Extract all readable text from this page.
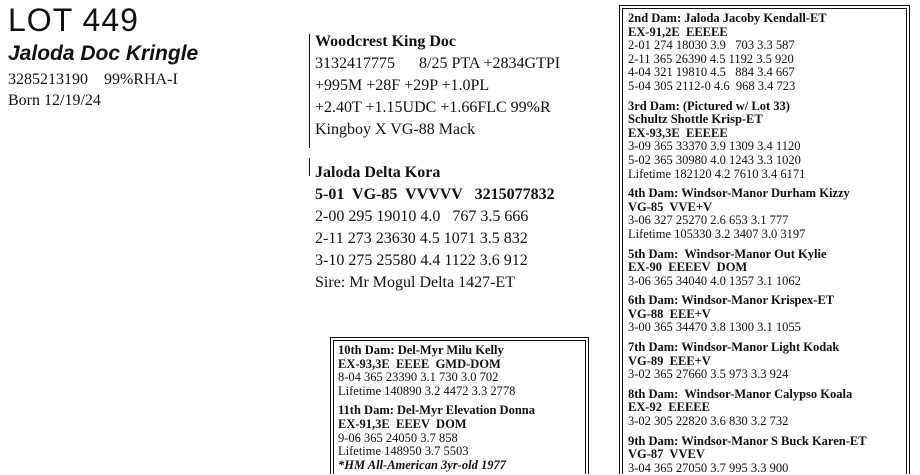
LOT 449
Jaloda Doc Kringle
3285213190    99%RHA-I
Born 12/19/24
Woodcrest King Doc
3132417775      8/25 PTA +2834GTPI
+995M +28F +29P +1.0PL
+2.40T +1.15UDC +1.66FLC 99%R
Kingboy X VG-88 Mack
Jaloda Delta Kora
5-01  VG-85  VVVVV   3215077832
2-00 295 19010 4.0   767 3.5 666
2-11 273 23630 4.5 1071 3.5 832
3-10 275 25580 4.4 1122 3.6 912
Sire: Mr Mogul Delta 1427-ET
10th Dam: Del-Myr Milu Kelly
EX-93,3E  EEEE  GMD-DOM
8-04 365 23390 3.1 730 3.0 702
Lifetime 140890 3.2 4472 3.3 2778
11th Dam: Del-Myr Elevation Donna
EX-91,3E  EEEV  DOM
9-06 365 24050 3.7 858
Lifetime 148950 3.7 5503
*HM All-American 3yr-old 1977
2nd Dam: Jaloda Jacoby Kendall-ET
EX-91,2E  EEEEE
2-01 274 18030 3.9   703 3.3 587
2-11 365 26390 4.5 1192 3.5 920
4-04 321 19810 4.5   884 3.4 667
5-04 305 2112-0 4.6  968 3.4 723
3rd Dam: (Pictured w/ Lot 33)
Schultz Shottle Krisp-ET
EX-93,3E  EEEEE
3-09 365 33370 3.9 1309 3.4 1120
5-02 365 30980 4.0 1243 3.3 1020
Lifetime 182120 4.2 7610 3.4 6171
4th Dam: Windsor-Manor Durham Kizzy
VG-85  VVE+V
3-06 327 25270 2.6 653 3.1 777
Lifetime 105330 3.2 3407 3.0 3197
5th Dam:  Windsor-Manor Out Kylie
EX-90  EEEEV  DOM
3-06 365 34040 4.0 1357 3.1 1062
6th Dam: Windsor-Manor Krispex-ET
VG-88  EEE+V
3-00 365 34470 3.8 1300 3.1 1055
7th Dam: Windsor-Manor Light Kodak
VG-89  EEE+V
3-02 365 27660 3.5 973 3.3 924
8th Dam:  Windsor-Manor Calypso Koala
EX-92  EEEEE
3-02 305 22820 3.6 830 3.2 732
9th Dam: Windsor-Manor S Buck Karen-ET
VG-87  VVEV
3-04 365 27050 3.7 995 3.3 900
